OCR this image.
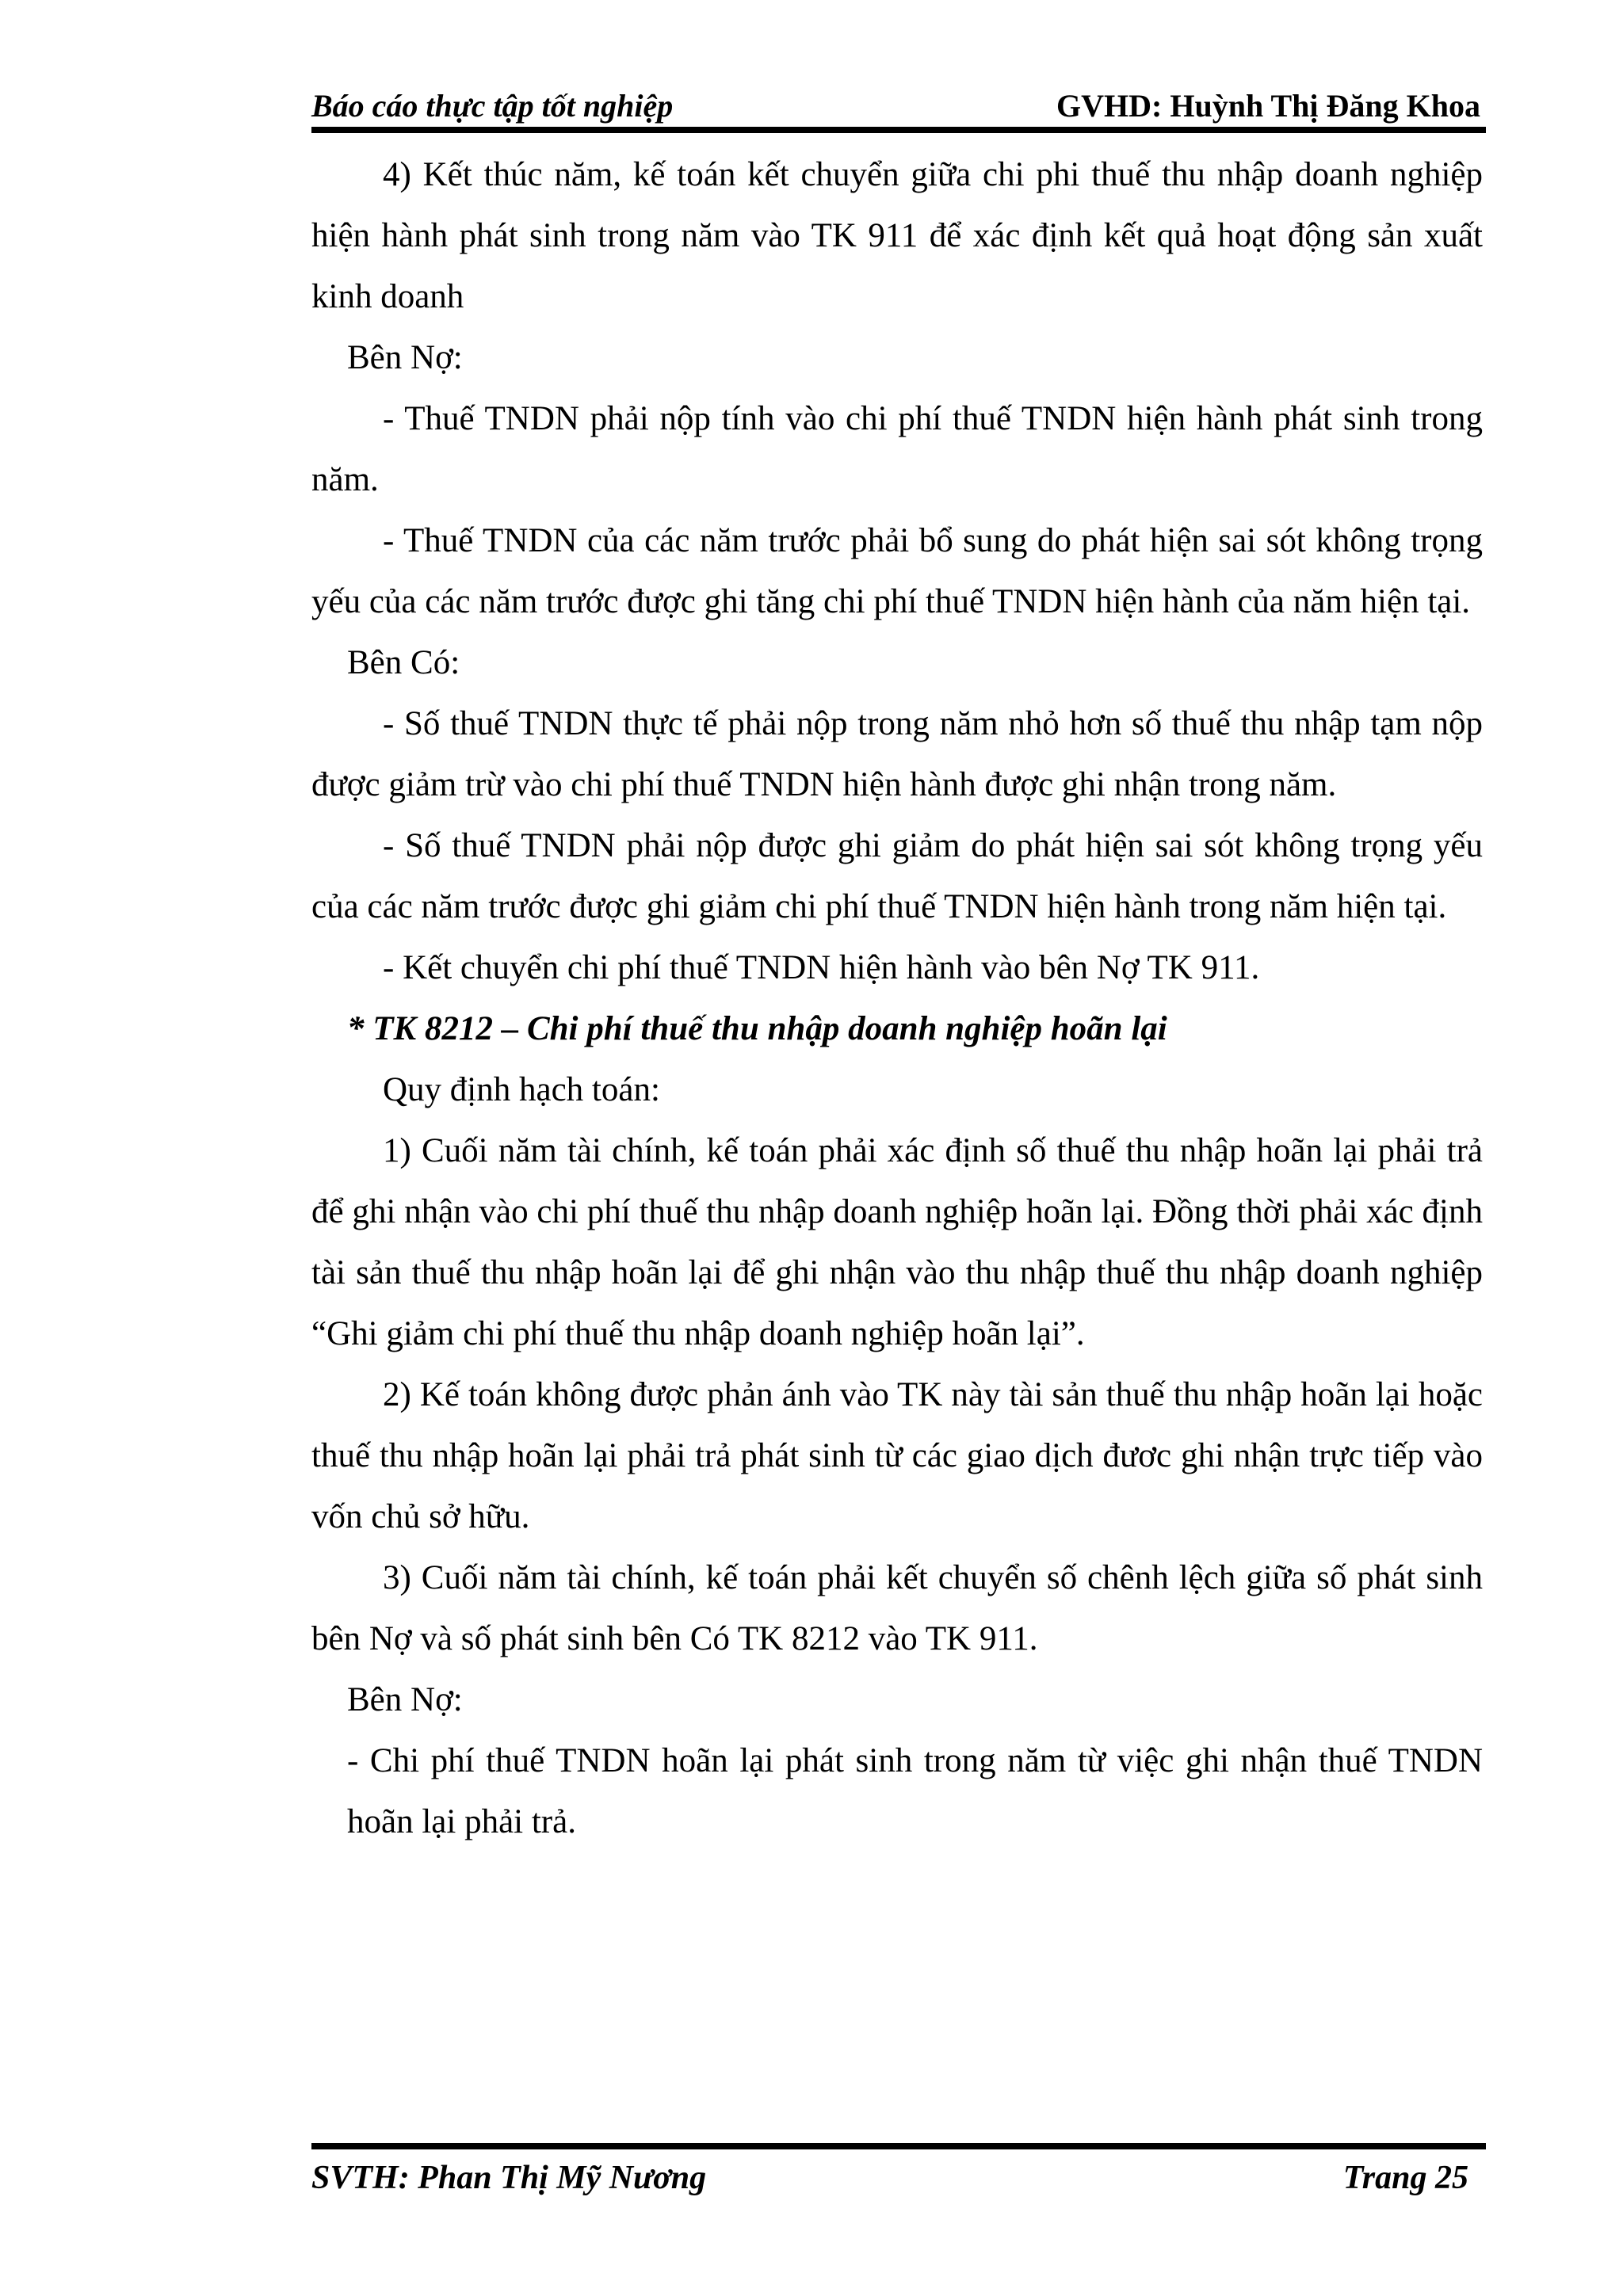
Báo cáo thực tập tốt nghiệp	GVHD: Huỳnh Thị Đăng Khoa

4) Kết thúc năm, kế toán kết chuyển giữa chi phi thuế thu nhập doanh nghiệp hiện hành phát sinh trong năm vào TK 911 để xác định kết quả hoạt động sản xuất kinh doanh

Bên Nợ:

- Thuế TNDN phải nộp tính vào chi phí thuế TNDN hiện hành phát sinh trong năm.

- Thuế TNDN của các năm trước phải bổ sung do phát hiện sai sót không trọng yếu của các năm trước được ghi tăng chi phí thuế TNDN hiện hành của năm hiện tại.

Bên Có:

- Số thuế TNDN thực tế phải nộp trong năm nhỏ hơn số thuế thu nhập tạm nộp được giảm trừ vào chi phí thuế TNDN hiện hành được ghi nhận trong năm.

- Số thuế TNDN phải nộp được ghi giảm do phát hiện sai sót không trọng yếu của các năm trước được ghi giảm chi phí thuế TNDN hiện hành trong năm hiện tại.

- Kết chuyển chi phí thuế TNDN hiện hành vào bên Nợ TK 911.

* TK 8212 – Chi phí thuế thu nhập doanh nghiệp hoãn lại

Quy định hạch toán:

1) Cuối năm tài chính, kế toán phải xác định số thuế thu nhập hoãn lại phải trả để ghi nhận vào chi phí thuế thu nhập doanh nghiệp hoãn lại. Đồng thời phải xác định tài sản thuế thu nhập hoãn lại để ghi nhận vào thu nhập thuế thu nhập doanh nghiệp “Ghi giảm chi phí thuế thu nhập doanh nghiệp hoãn lại”.

2) Kế toán không được phản ánh vào TK này tài sản thuế thu nhập hoãn lại hoặc thuế thu nhập hoãn lại phải trả phát sinh từ các giao dịch đươc ghi nhận trực tiếp vào vốn chủ sở hữu.

3) Cuối năm tài chính, kế toán phải kết chuyển số chênh lệch giữa số phát sinh bên Nợ và số phát sinh bên Có TK 8212 vào TK 911.

Bên Nợ:

- Chi phí thuế TNDN hoãn lại phát sinh trong năm từ việc ghi nhận thuế TNDN hoãn lại phải trả.

SVTH: Phan Thị Mỹ Nương	Trang 25
